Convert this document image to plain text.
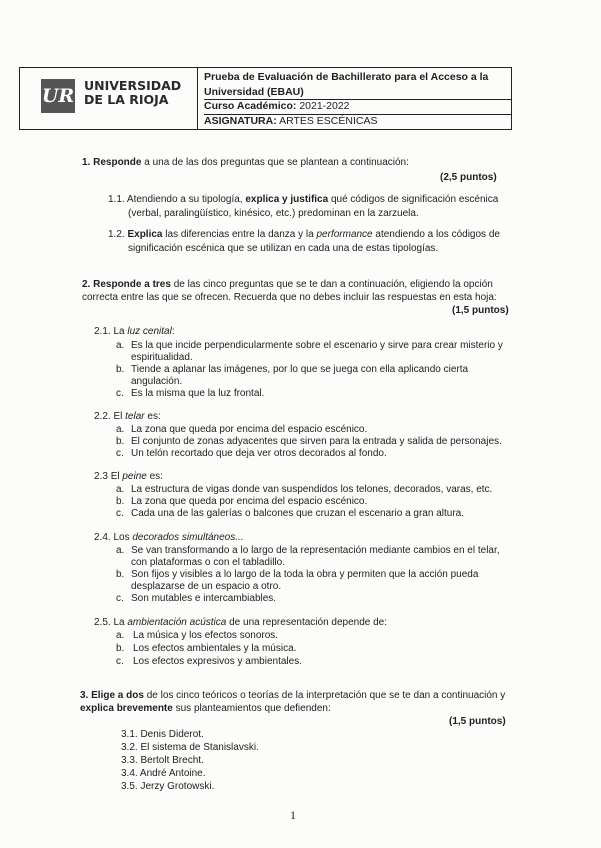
UR UNIVERSIDAD
DE LA RIOJA
Prueba de Evaluación de Bachillerato para el Acceso a la
Universidad (EBAU)
Curso Académico: 2021-2022
ASIGNATURA: ARTES ESCÉNICAS
1. Responde a una de las dos preguntas que se plantean a continuación:
(2,5 puntos)
1.1. Atendiendo a su tipología, explica y justifica qué códigos de significación escénica
(verbal, paralingüístico, kinésico, etc.) predominan en la zarzuela.
1.2. Explica las diferencias entre la danza y la performance atendiendo a los códigos de
significación escénica que se utilizan en cada una de estas tipologías.
2. Responde a tres de las cinco preguntas que se te dan a continuación, eligiendo la opción
correcta entre las que se ofrecen. Recuerda que no debes incluir las respuestas en esta hoja:
(1,5 puntos)
2.1. La luz cenital:
a. Es la que incide perpendicularmente sobre el escenario y sirve para crear misterio y
espiritualidad.
b. Tiende a aplanar las imágenes, por lo que se juega con ella aplicando cierta
angulación.
c. Es la misma que la luz frontal.
2.2. El telar es:
a. La zona que queda por encima del espacio escénico.
b. El conjunto de zonas adyacentes que sirven para la entrada y salida de personajes.
c. Un telón recortado que deja ver otros decorados al fondo.
2.3 El peine es:
a. La estructura de vigas donde van suspendidos los telones, decorados, varas, etc.
b. La zona que queda por encima del espacio escénico.
c. Cada una de las galerías o balcones que cruzan el escenario a gran altura.
2.4. Los decorados simultáneos...
a. Se van transformando a lo largo de la representación mediante cambios en el telar,
con plataformas o con el tabladillo.
b. Son fijos y visibles a lo largo de la toda la obra y permiten que la acción pueda
desplazarse de un espacio a otro.
c. Son mutables e intercambiables.
2.5. La ambientación acústica de una representación depende de:
a. La música y los efectos sonoros.
b. Los efectos ambientales y la música.
c. Los efectos expresivos y ambientales.
3. Elige a dos de los cinco teóricos o teorías de la interpretación que se te dan a continuación y
explica brevemente sus planteamientos que defienden:
(1,5 puntos)
3.1. Denis Diderot.
3.2. El sistema de Stanislavski.
3.3. Bertolt Brecht.
3.4. André Antoine.
3.5. Jerzy Grotowski.
1
